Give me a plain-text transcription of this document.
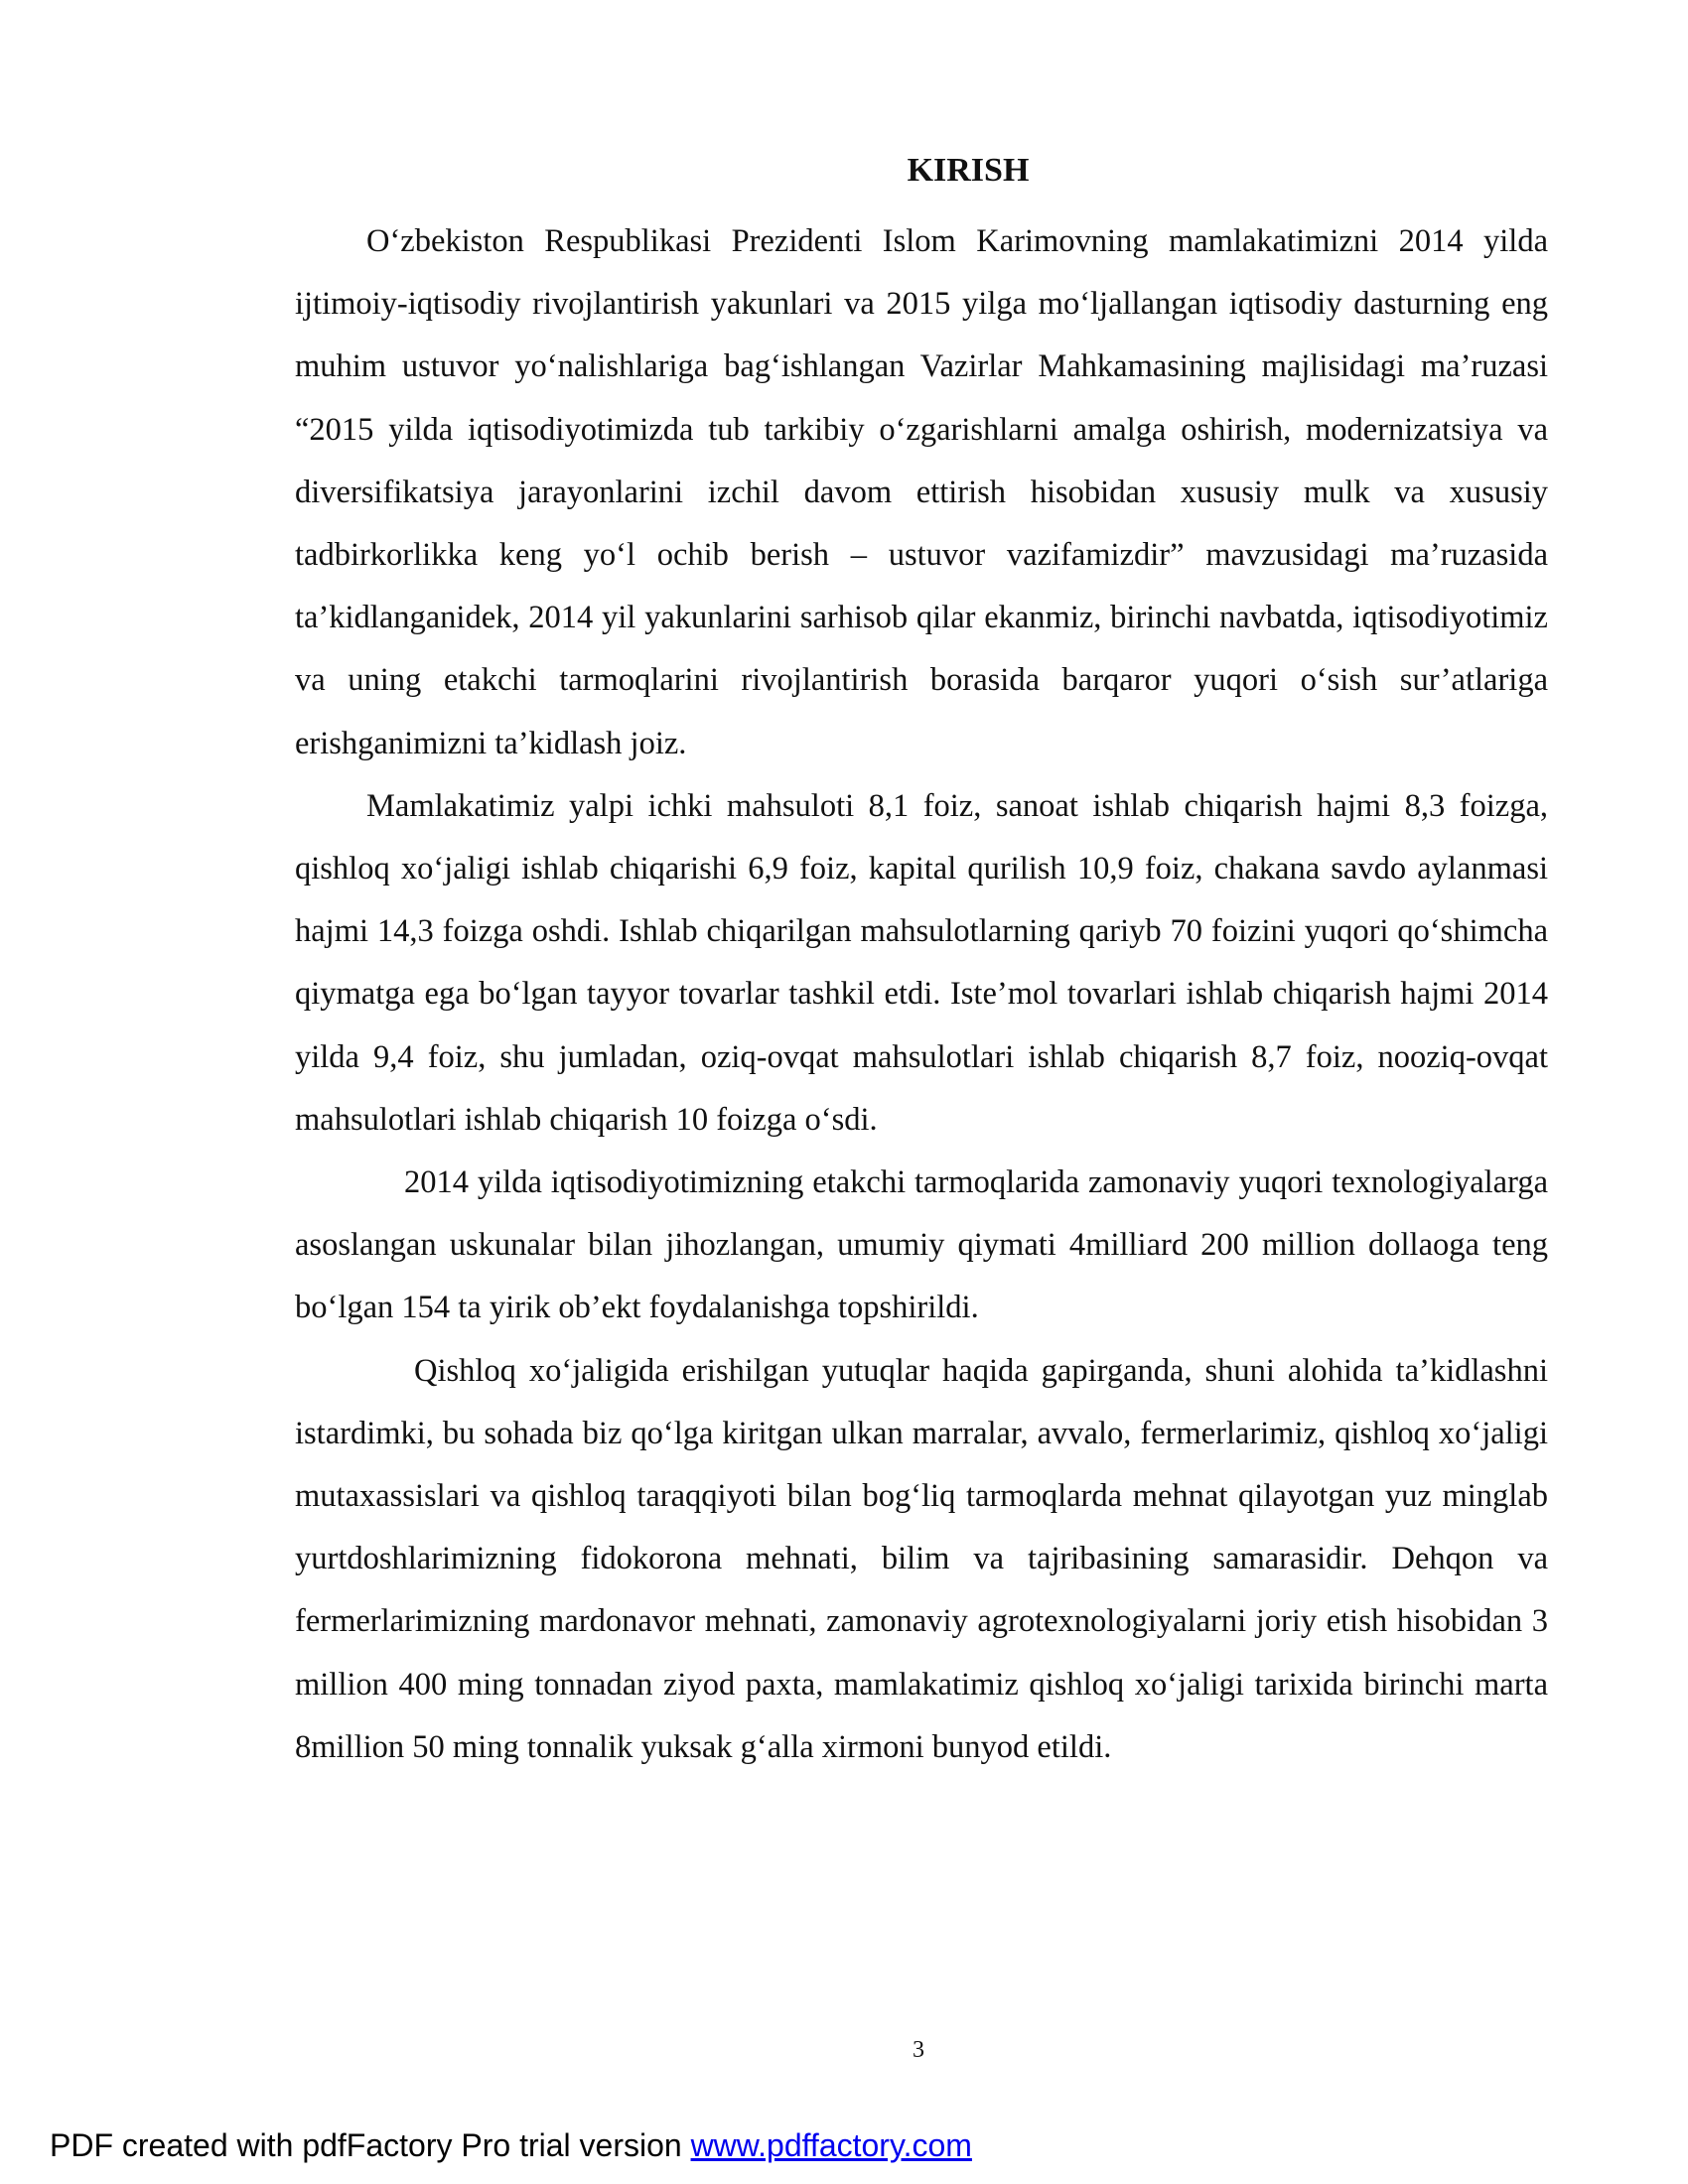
KIRISH

O‘zbekiston Respublikasi Prezidenti Islom Karimovning mamlakatimizni 2014 yilda ijtimoiy-iqtisodiy rivojlantirish yakunlari va 2015 yilga mo‘ljallangan iqtisodiy dasturning eng muhim ustuvor yo‘nalishlariga bag‘ishlangan Vazirlar Mahkamasining majlisidagi ma’ruzasi “2015 yilda iqtisodiyotimizda tub tarkibiy o‘zgarishlarni amalga oshirish, modernizatsiya va diversifikatsiya jarayonlarini izchil davom ettirish hisobidan xususiy mulk va xususiy tadbirkorlikka keng yo‘l ochib berish – ustuvor vazifamizdir” mavzusidagi ma’ruzasida ta’kidlanganidek, 2014 yil yakunlarini sarhisob qilar ekanmiz, birinchi navbatda, iqtisodiyotimiz va uning etakchi tarmoqlarini rivojlantirish borasida barqaror yuqori o‘sish sur’atlariga erishganimizni ta’kidlash joiz.

Mamlakatimiz yalpi ichki mahsuloti 8,1 foiz, sanoat ishlab chiqarish hajmi 8,3 foizga, qishloq xo‘jaligi ishlab chiqarishi 6,9 foiz, kapital qurilish 10,9 foiz, chakana savdo aylanmasi hajmi 14,3 foizga oshdi. Ishlab chiqarilgan mahsulotlarning qariyb 70 foizini yuqori qo‘shimcha qiymatga ega bo‘lgan tayyor tovarlar tashkil etdi. Iste’mol tovarlari ishlab chiqarish hajmi 2014 yilda 9,4 foiz, shu jumladan, oziq-ovqat mahsulotlari ishlab chiqarish 8,7 foiz, nooziq-ovqat mahsulotlari ishlab chiqarish 10 foizga o‘sdi.

2014 yilda iqtisodiyotimizning etakchi tarmoqlarida zamonaviy yuqori texnologiyalarga asoslangan uskunalar bilan jihozlangan, umumiy qiymati 4milliard 200 million dollaoga teng bo‘lgan 154 ta yirik ob’ekt foydalanishga topshirildi.

Qishloq xo‘jaligida erishilgan yutuqlar haqida gapirganda, shuni alohida ta’kidlashni istardimki, bu sohada biz qo‘lga kiritgan ulkan marralar, avvalo, fermerlarimiz, qishloq xo‘jaligi mutaxassislari va qishloq taraqqiyoti bilan bog‘liq tarmoqlarda mehnat qilayotgan yuz minglab yurtdoshlarimizning fidokorona mehnati, bilim va tajribasining samarasidir. Dehqon va fermerlarimizning mardonavor mehnati, zamonaviy agrotexnologiyalarni joriy etish hisobidan 3 million 400 ming tonnadan ziyod paxta, mamlakatimiz qishloq xo‘jaligi tarixida birinchi marta 8million 50 ming tonnalik yuksak g‘alla xirmoni bunyod etildi.

3
PDF created with pdfFactory Pro trial version www.pdffactory.com
